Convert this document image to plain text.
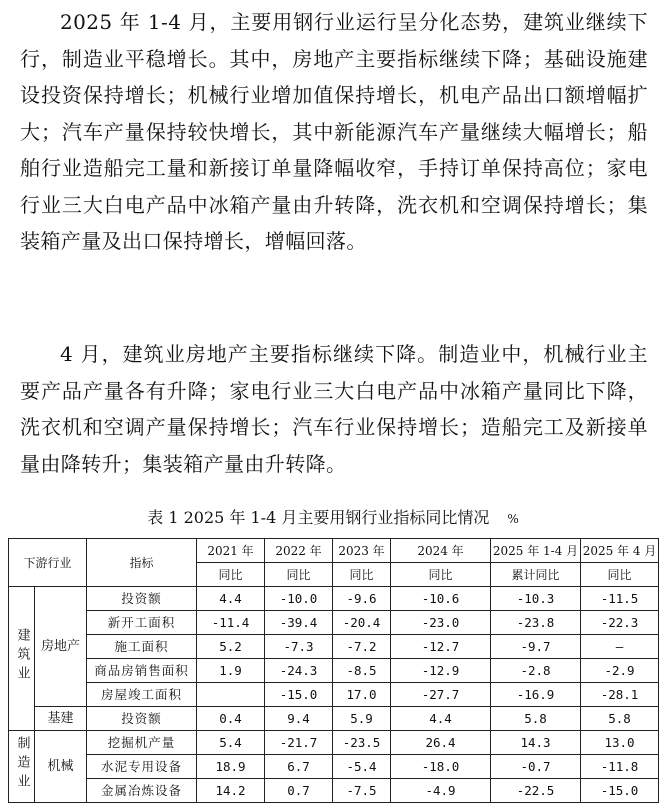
2025 年 1-4 月，主要用钢行业运行呈分化态势，建筑业继续下行，制造业平稳增长。其中，房地产主要指标继续下降；基础设施建设投资保持增长；机械行业增加值保持增长，机电产品出口额增幅扩大；汽车产量保持较快增长，其中新能源汽车产量继续大幅增长；船舶行业造船完工量和新接订单量降幅收窄，手持订单保持高位；家电行业三大白电产品中冰箱产量由升转降，洗衣机和空调保持增长；集装箱产量及出口保持增长，增幅回落。

4 月，建筑业房地产主要指标继续下降。制造业中，机械行业主要产品产量各有升降；家电行业三大白电产品中冰箱产量同比下降，洗衣机和空调产量保持增长；汽车行业保持增长；造船完工及新接单量由降转升；集装箱产量由升转降。

表 1 2025 年 1-4 月主要用钢行业指标同比情况 %
下游行业		指标	2021 年	2022 年	2023 年	2024 年	2025 年 1-4 月	2025 年 4 月
			同比	同比	同比	同比	累计同比	同比
建筑业	房地产	投资额	4.4	-10.0	-9.6	-10.6	-10.3	-11.5
		新开工面积	-11.4	-39.4	-20.4	-23.0	-23.8	-22.3
		施工面积	5.2	-7.3	-7.2	-12.7	-9.7	—
		商品房销售面积	1.9	-24.3	-8.5	-12.9	-2.8	-2.9
		房屋竣工面积		-15.0	17.0	-27.7	-16.9	-28.1
	基建	投资额	0.4	9.4	5.9	4.4	5.8	5.8
制造业	机械	挖掘机产量	5.4	-21.7	-23.5	26.4	14.3	13.0
		水泥专用设备	18.9	6.7	-5.4	-18.0	-0.7	-11.8
		金属冶炼设备	14.2	0.7	-7.5	-4.9	-22.5	-15.0
